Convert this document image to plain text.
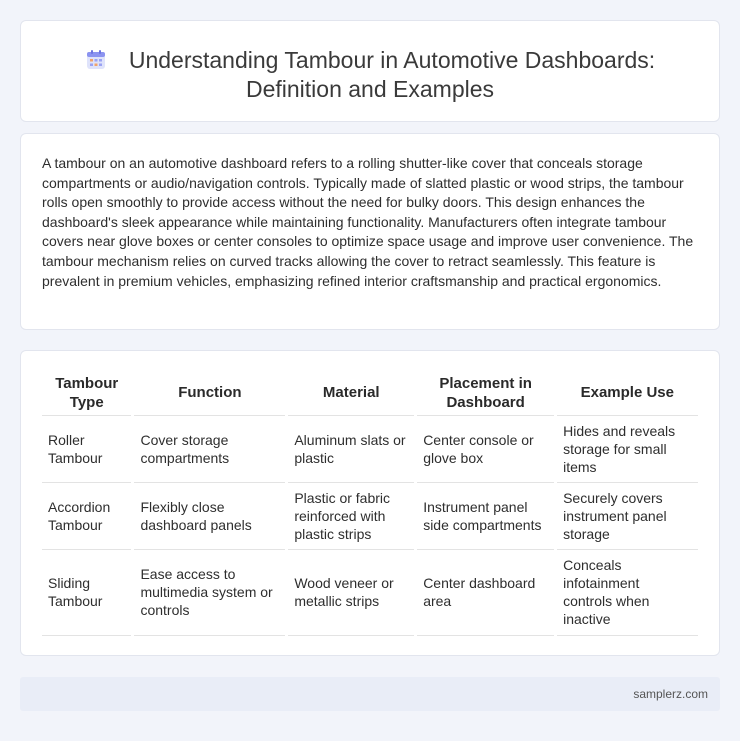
Understanding Tambour in Automotive Dashboards:
Definition and Examples

A tambour on an automotive dashboard refers to a rolling shutter-like cover that conceals storage compartments or audio/navigation controls. Typically made of slatted plastic or wood strips, the tambour rolls open smoothly to provide access without the need for bulky doors. This design enhances the dashboard's sleek appearance while maintaining functionality. Manufacturers often integrate tambour covers near glove boxes or center consoles to optimize space usage and improve user convenience. The tambour mechanism relies on curved tracks allowing the cover to retract seamlessly. This feature is prevalent in premium vehicles, emphasizing refined interior craftsmanship and practical ergonomics.

Tambour Type	Function	Material	Placement in Dashboard	Example Use
Roller Tambour	Cover storage compartments	Aluminum slats or plastic	Center console or glove box	Hides and reveals storage for small items
Accordion Tambour	Flexibly close dashboard panels	Plastic or fabric reinforced with plastic strips	Instrument panel side compartments	Securely covers instrument panel storage
Sliding Tambour	Ease access to multimedia system or controls	Wood veneer or metallic strips	Center dashboard area	Conceals infotainment controls when inactive
samplerz.com
